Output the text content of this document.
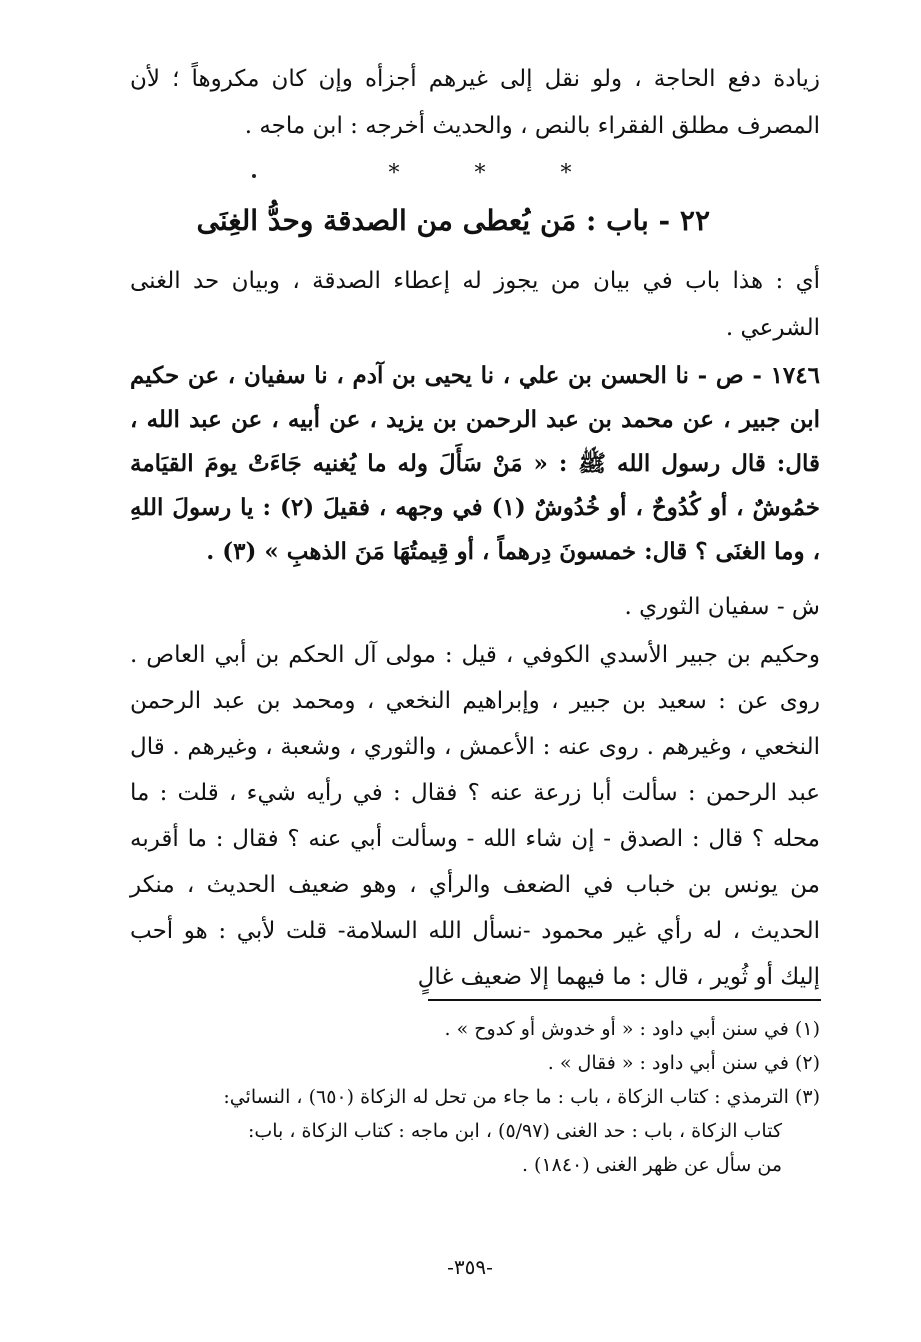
زيادة دفع الحاجة ، ولو نقل إلى غيرهم أجزأه وإن كان مكروهاً ؛ لأن المصرف مطلق الفقراء بالنص ، والحديث أخرجه : ابن ماجه .
*	*	*
٢٢ - باب : مَن يُعطى من الصدقة وحدُّ الغِنَى
أي : هذا باب في بيان من يجوز له إعطاء الصدقة ، وبيان حد الغنى الشرعي .
١٧٤٦ - ص - نا الحسن بن علي ، نا يحيى بن آدم ، نا سفيان ، عن حكيم ابن جبير ، عن محمد بن عبد الرحمن بن يزيد ، عن أبيه ، عن عبد الله ، قال: قال رسول الله ﷺ : « مَنْ سَأَلَ وله ما يُغنيه جَاءَتْ يومَ القيَامة خمُوشٌ ، أو كُدُوحٌ ، أو خُدُوشٌ (١) في وجهه ، فقيلَ (٢) : يا رسولَ اللهِ ، وما الغنَى ؟ قال: خمسونَ دِرهماً ، أو قِيمتُهَا مَنَ الذهبِ » (٣) .
ش - سفيان الثوري .
وحكيم بن جبير الأسدي الكوفي ، قيل : مولى آل الحكم بن أبي العاص . روى عن : سعيد بن جبير ، وإبراهيم النخعي ، ومحمد بن عبد الرحمن النخعي ، وغيرهم . روى عنه : الأعمش ، والثوري ، وشعبة ، وغيرهم . قال عبد الرحمن : سألت أبا زرعة عنه ؟ فقال : في رأيه شيء ، قلت : ما محله ؟ قال : الصدق - إن شاء الله - وسألت أبي عنه ؟ فقال : ما أقربه من يونس بن خباب في الضعف والرأي ، وهو ضعيف الحديث ، منكر الحديث ، له رأي غير محمود -نسأل الله السلامة- قلت لأبي : هو أحب إليك أو ثُوير ، قال : ما فيهما إلا ضعيف غالٍ

(١) في سنن أبي داود : « أو خدوش أو كدوح » .

(٢) في سنن أبي داود : « فقال » .

(٣) الترمذي : كتاب الزكاة ، باب : ما جاء من تحل له الزكاة (٦٥٠) ، النسائي:

كتاب الزكاة ، باب : حد الغنى (٥/٩٧) ، ابن ماجه : كتاب الزكاة ، باب:

من سأل عن ظهر الغنى (١٨٤٠) .

-٣٥٩-
